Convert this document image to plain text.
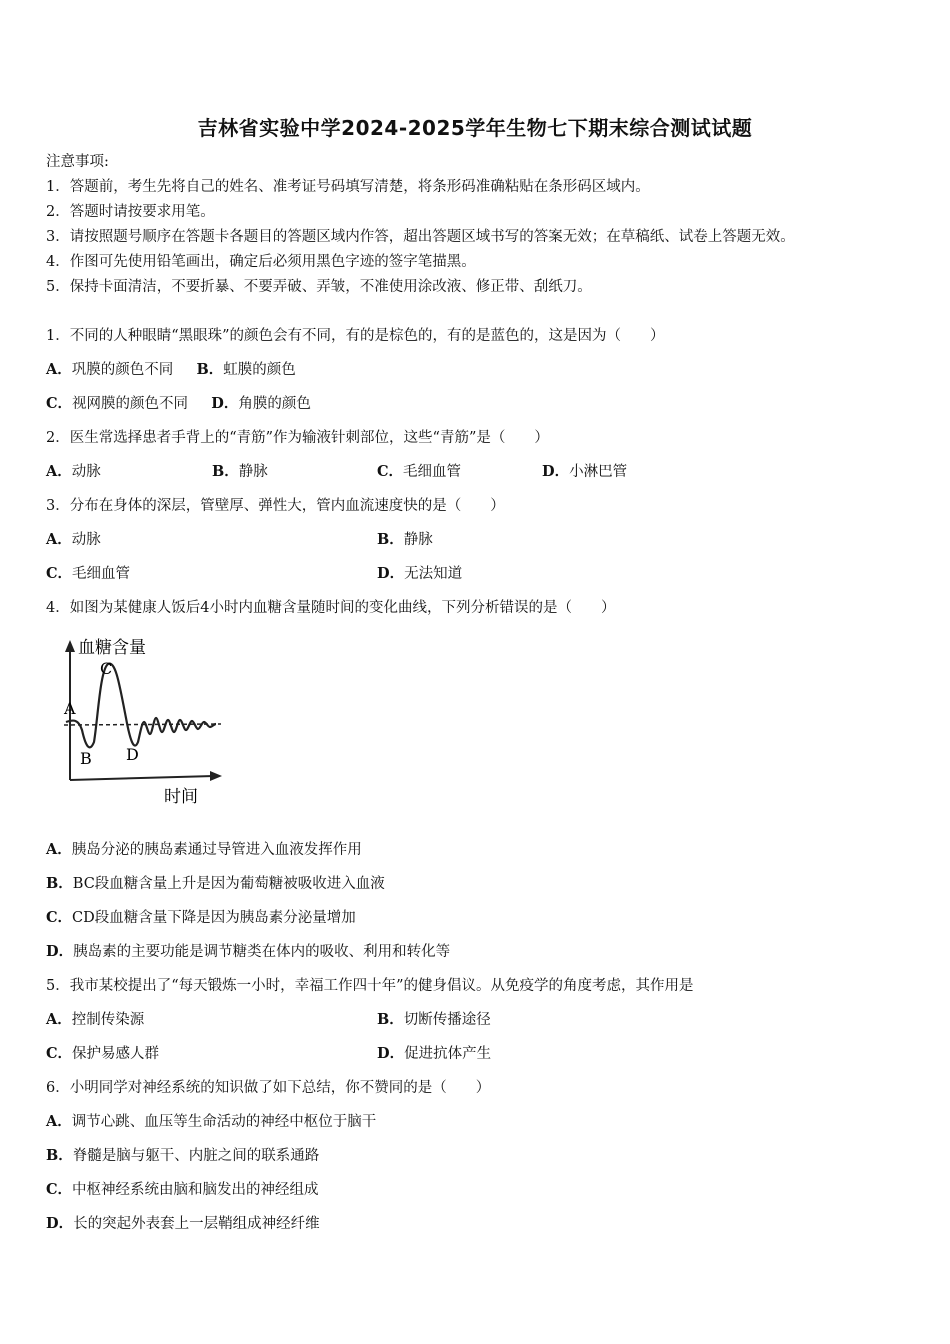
吉林省实验中学2024-2025学年生物七下期末综合测试试题
注意事项:
1．答题前，考生先将自己的姓名、准考证号码填写清楚，将条形码准确粘贴在条形码区域内。
2．答题时请按要求用笔。
3．请按照题号顺序在答题卡各题目的答题区域内作答，超出答题区域书写的答案无效；在草稿纸、试卷上答题无效。
4．作图可先使用铅笔画出，确定后必须用黑色字迹的签字笔描黑。
5．保持卡面清洁，不要折暴、不要弄破、弄皱，不准使用涂改液、修正带、刮纸刀。
1．不同的人种眼睛“黑眼珠”的颜色会有不同，有的是棕色的，有的是蓝色的，这是因为（　　）
A．巩膜的颜色不同 B．虹膜的颜色
C．视网膜的颜色不同 D．角膜的颜色
2．医生常选择患者手背上的“青筋”作为输液针刺部位，这些“青筋”是（　　）
A．动脉	B．静脉	C．毛细血管	D．小淋巴管
3．分布在身体的深层，管壁厚、弹性大，管内血流速度快的是（　　）
A．动脉	B．静脉
C．毛细血管	D．无法知道
4．如图为某健康人饭后4小时内血糖含量随时间的变化曲线，下列分析错误的是（　　）
血糖含量
A
B
C
D
时间
A．胰岛分泌的胰岛素通过导管进入血液发挥作用
B．BC段血糖含量上升是因为葡萄糖被吸收进入血液
C．CD段血糖含量下降是因为胰岛素分泌量增加
D．胰岛素的主要功能是调节糖类在体内的吸收、利用和转化等
5．我市某校提出了“每天锻炼一小时，幸福工作四十年”的健身倡议。从免疫学的角度考虑，其作用是
A．控制传染源	B．切断传播途径
C．保护易感人群	D．促进抗体产生
6．小明同学对神经系统的知识做了如下总结，你不赞同的是（　　）
A．调节心跳、血压等生命活动的神经中枢位于脑干
B．脊髓是脑与躯干、内脏之间的联系通路
C．中枢神经系统由脑和脑发出的神经组成
D．长的突起外表套上一层鞘组成神经纤维
